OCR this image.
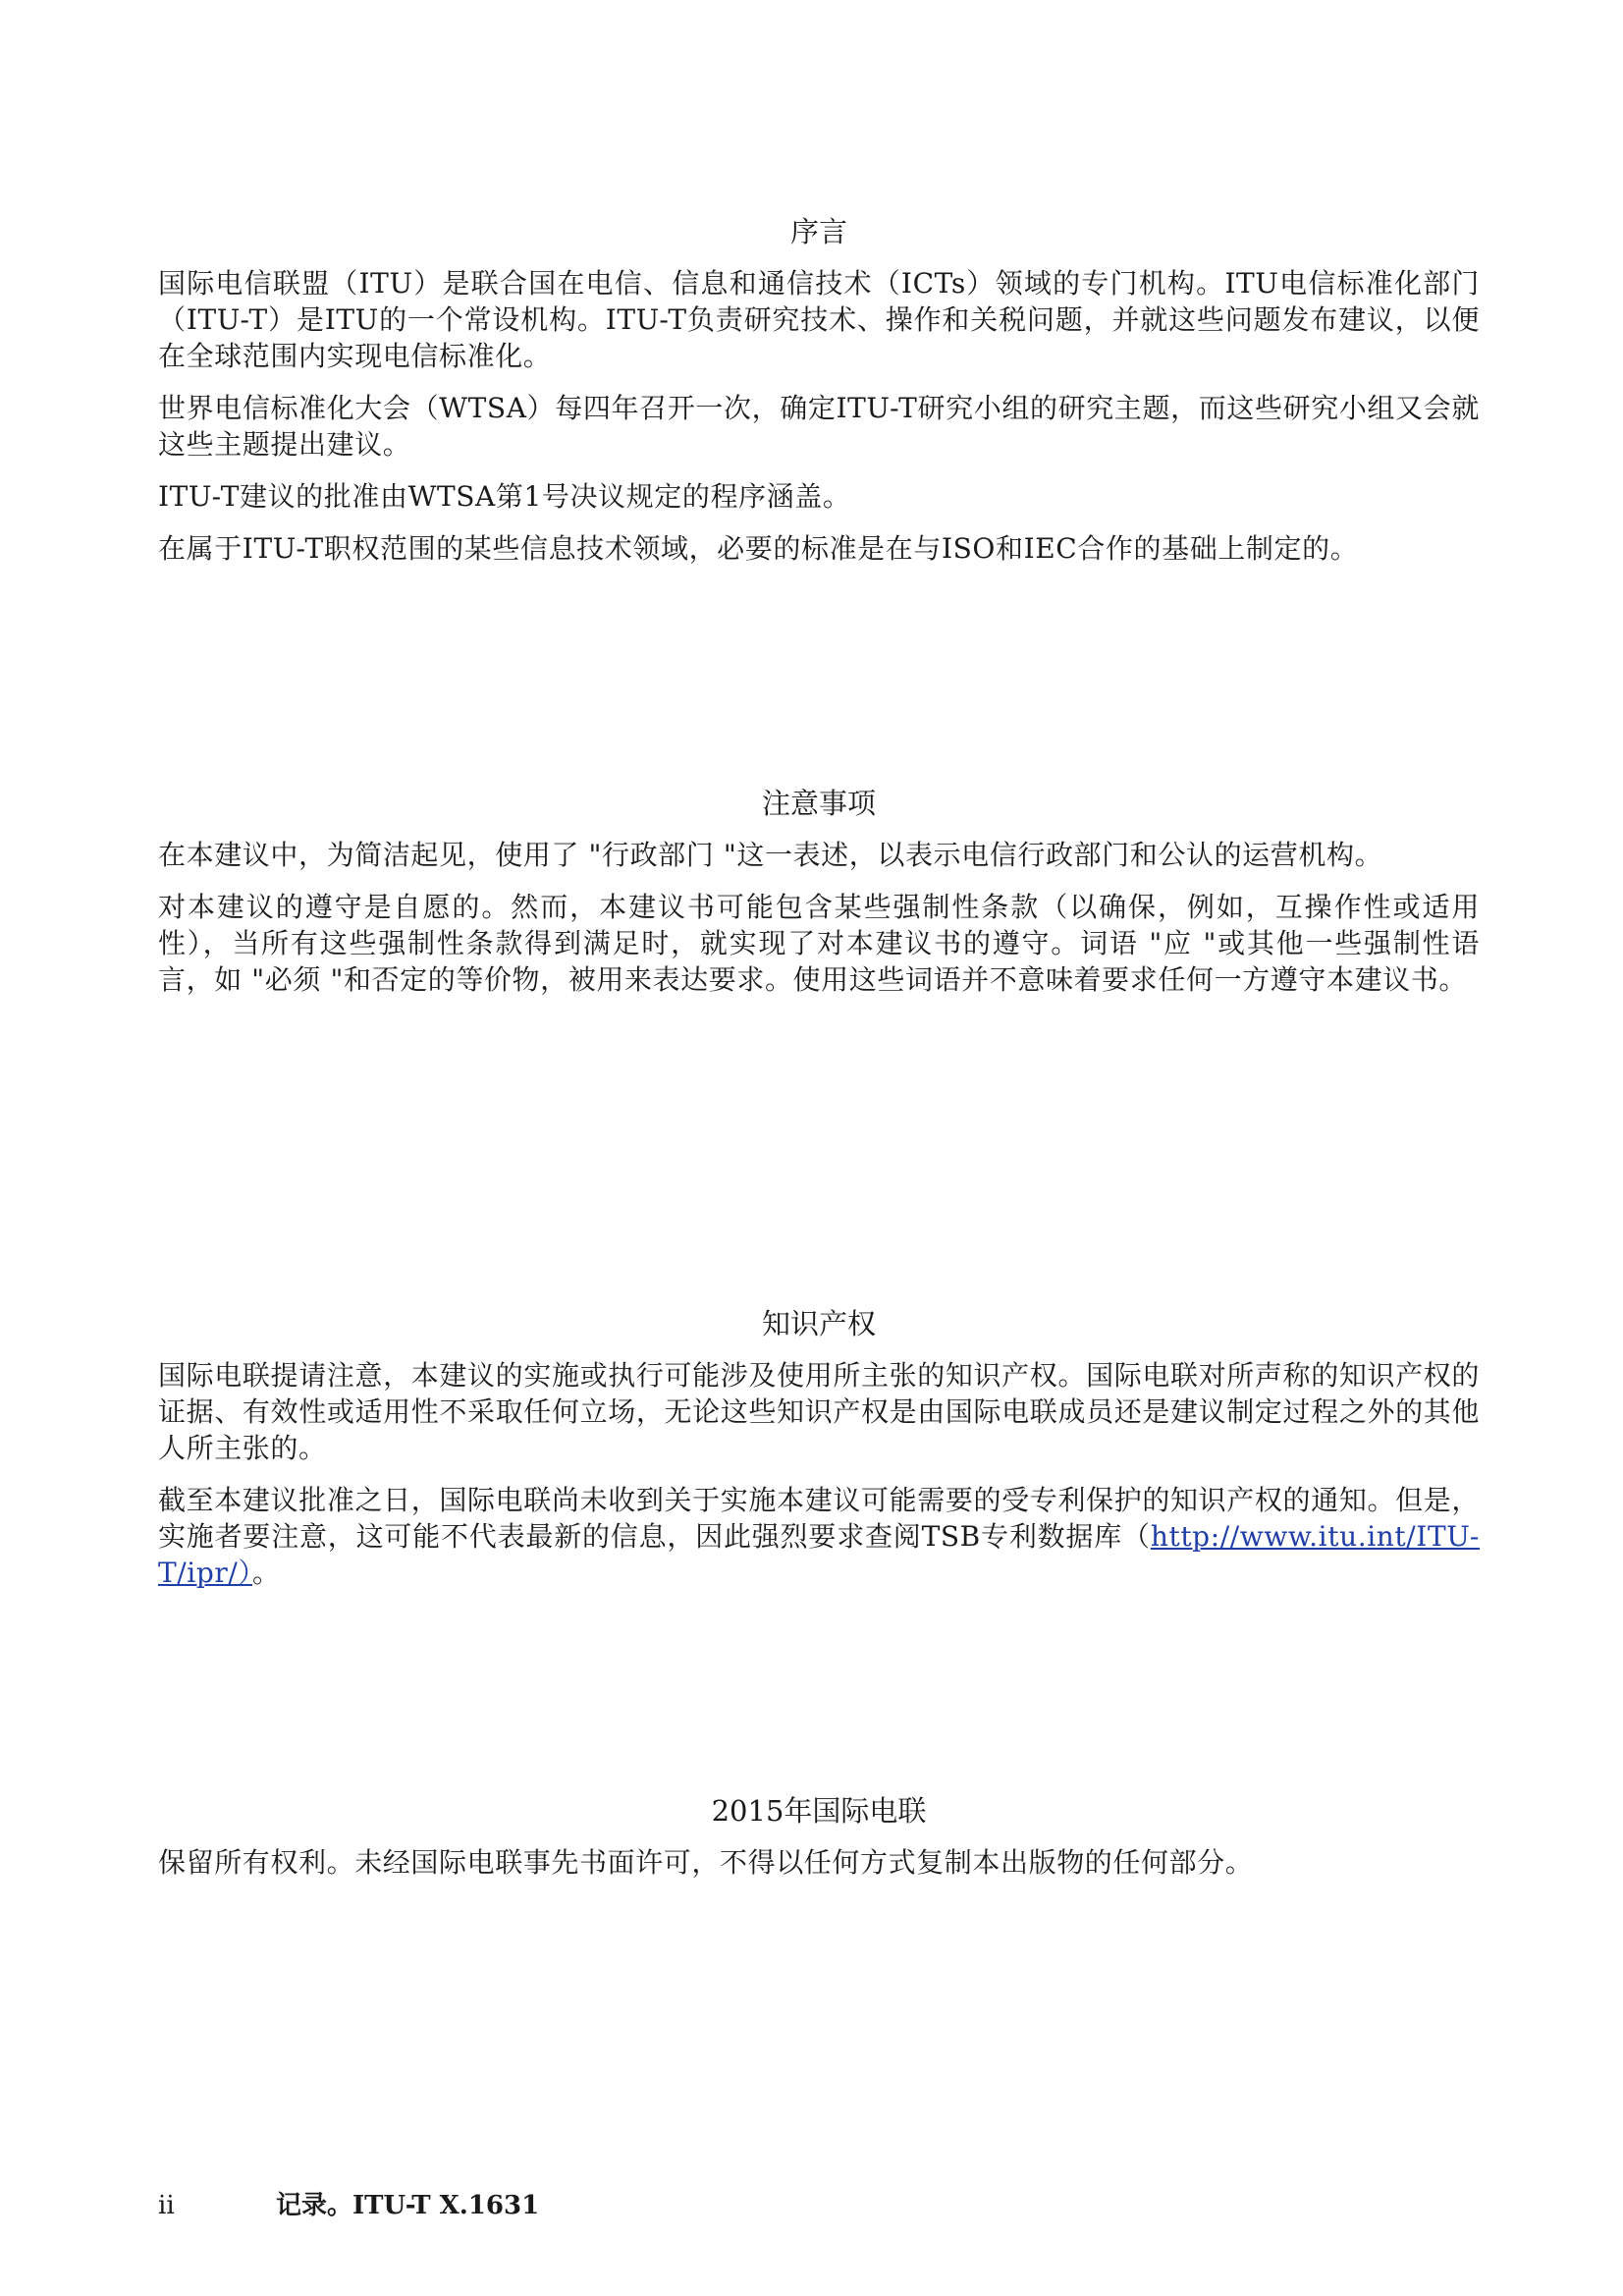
序言

国际电信联盟（ITU）是联合国在电信、信息和通信技术（ICTs）领域的专门机构。ITU电信标准化部门（ITU-T）是ITU的一个常设机构。ITU-T负责研究技术、操作和关税问题，并就这些问题发布建议，以便在全球范围内实现电信标准化。

世界电信标准化大会（WTSA）每四年召开一次，确定ITU-T研究小组的研究主题，而这些研究小组又会就这些主题提出建议。

ITU-T建议的批准由WTSA第1号决议规定的程序涵盖。

在属于ITU-T职权范围的某些信息技术领域，必要的标准是在与ISO和IEC合作的基础上制定的。

注意事项

在本建议中，为简洁起见，使用了 "行政部门 "这一表述，以表示电信行政部门和公认的运营机构。

对本建议的遵守是自愿的。然而，本建议书可能包含某些强制性条款（以确保，例如，互操作性或适用性），当所有这些强制性条款得到满足时，就实现了对本建议书的遵守。词语 "应 "或其他一些强制性语言，如 "必须 "和否定的等价物，被用来表达要求。使用这些词语并不意味着要求任何一方遵守本建议书。

知识产权

国际电联提请注意，本建议的实施或执行可能涉及使用所主张的知识产权。国际电联对所声称的知识产权的证据、有效性或适用性不采取任何立场，无论这些知识产权是由国际电联成员还是建议制定过程之外的其他人所主张的。

截至本建议批准之日，国际电联尚未收到关于实施本建议可能需要的受专利保护的知识产权的通知。但是，实施者要注意，这可能不代表最新的信息，因此强烈要求查阅TSB专利数据库（http://www.itu.int/ITU-T/ipr/）。

2015年国际电联

保留所有权利。未经国际电联事先书面许可，不得以任何方式复制本出版物的任何部分。

ii	记录。ITU-T X.1631
